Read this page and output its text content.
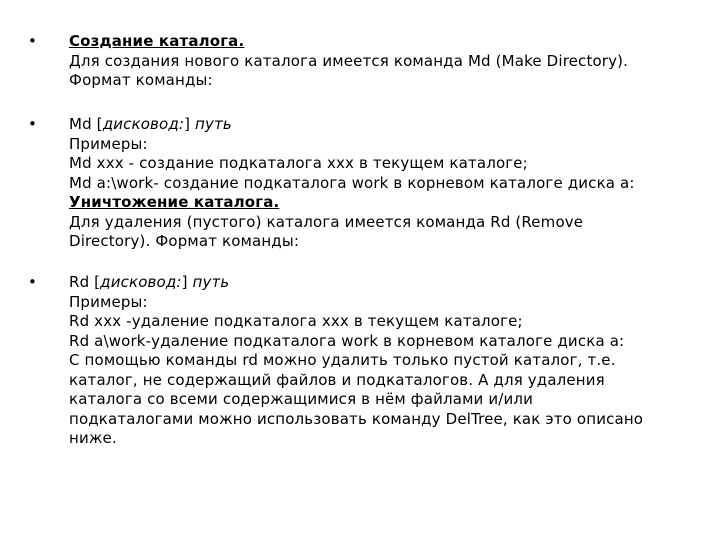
• Создание каталога.
Для создания нового каталога имеется команда Md (Make Directory).
Формат команды:
• Md [дисковод:] путь
Примеры:
Md xxx - создание подкаталога xxx в текущем каталоге;
Md a:\work- создание подкаталога work в корневом каталоге диска a:
Уничтожение каталога.
Для удаления (пустого) каталога имеется команда Rd (Remove
Directory). Формат команды:
• Rd [дисковод:] путь
Примеры:
Rd xxx -удаление подкаталога xxx в текущем каталоге;
Rd a\work-удаление подкаталога work в корневом каталоге диска a:
С помощью команды rd можно удалить только пустой каталог, т.е.
каталог, не содержащий файлов и подкаталогов. А для удаления
каталога со всеми содержащимися в нём файлами и/или
подкаталогами можно использовать команду DelTree, как это описано
ниже.
